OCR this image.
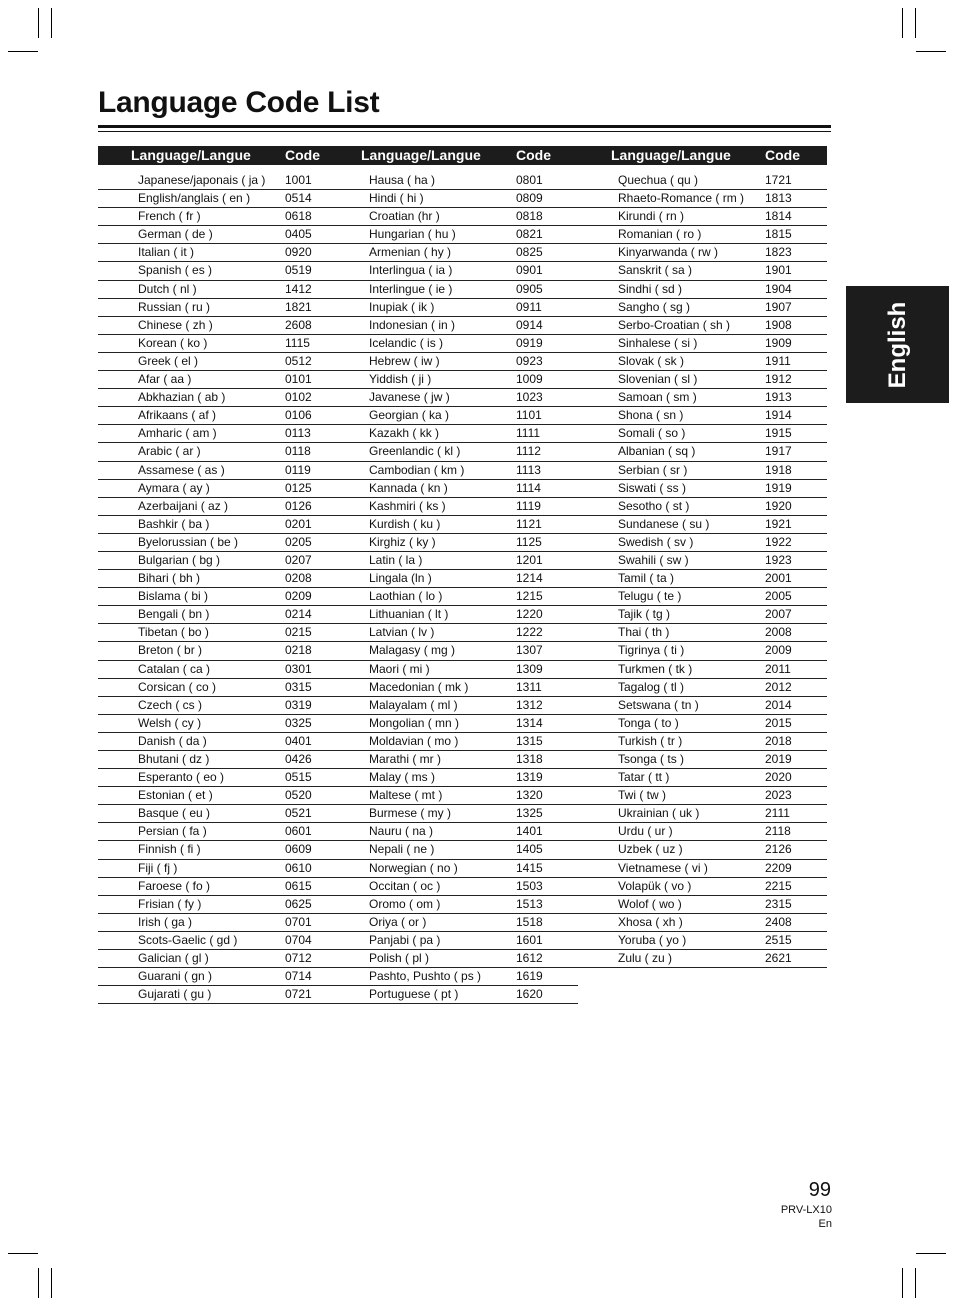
Language Code List
Language/Langue Code	Language/Langue	Code	Language/Langue Code
Japanese/japonais ( ja ) 1001
English/anglais ( en )	0514
French ( fr )	0618
German ( de )	0405
Italian ( it )	0920
Spanish ( es )	0519
Dutch ( nl )	1412
Russian ( ru )	1821
Chinese ( zh )	2608
Korean ( ko )	1115
Greek ( el )	0512
Afar ( aa )	0101
Abkhazian ( ab )	0102
Afrikaans ( af )	0106
Amharic ( am )	0113
Arabic ( ar )	0118
Assamese ( as )	0119
Aymara ( ay )	0125
Azerbaijani ( az )	0126
Bashkir ( ba )	0201
Byelorussian ( be )	0205
Bulgarian ( bg )	0207
Bihari ( bh )	0208
Bislama ( bi )	0209
Bengali ( bn )	0214
Tibetan ( bo )	0215
Breton ( br )	0218
Catalan ( ca )	0301
Corsican ( co )	0315
Czech ( cs )	0319
Welsh ( cy )	0325
Danish ( da )	0401
Bhutani ( dz )	0426
Esperanto ( eo )	0515
Estonian ( et )	0520
Basque ( eu )	0521
Persian ( fa )	0601
Finnish ( fi )	0609
Fiji ( fj )	0610
Faroese ( fo )	0615
Frisian ( fy )	0625
Irish ( ga )	0701
Scots-Gaelic ( gd )	0704
Galician ( gl )	0712
Guarani ( gn )	0714
Gujarati ( gu )	0721
Hausa ( ha )	0801
Hindi ( hi )	0809
Croatian (hr )	0818
Hungarian ( hu )	0821
Armenian ( hy )	0825
Interlingua ( ia )	0901
Interlingue ( ie )	0905
Inupiak ( ik )	0911
Indonesian ( in )	0914
Icelandic ( is )	0919
Hebrew ( iw )	0923
Yiddish ( ji )	1009
Javanese ( jw )	1023
Georgian ( ka )	1101
Kazakh ( kk )	1111
Greenlandic ( kl )	1112
Cambodian ( km )	1113
Kannada ( kn )	1114
Kashmiri ( ks )	1119
Kurdish ( ku )	1121
Kirghiz ( ky )	1125
Latin ( la )	1201
Lingala (ln )	1214
Laothian ( lo )	1215
Lithuanian ( lt )	1220
Latvian ( lv )	1222
Malagasy ( mg )	1307
Maori ( mi )	1309
Macedonian ( mk )	1311
Malayalam ( ml )	1312
Mongolian ( mn )	1314
Moldavian ( mo )	1315
Marathi ( mr )	1318
Malay ( ms )	1319
Maltese ( mt )	1320
Burmese ( my )	1325
Nauru ( na )	1401
Nepali ( ne )	1405
Norwegian ( no )	1415
Occitan ( oc )	1503
Oromo ( om )	1513
Oriya ( or )	1518
Panjabi ( pa )	1601
Polish ( pl )	1612
Pashto, Pushto ( ps )	1619
Portuguese ( pt )	1620
Quechua ( qu )	1721
Rhaeto-Romance ( rm ) 1813
Kirundi ( rn )	1814
Romanian ( ro )	1815
Kinyarwanda ( rw )	1823
Sanskrit ( sa )	1901
Sindhi ( sd )	1904
Sangho ( sg )	1907
Serbo-Croatian ( sh )	1908
Sinhalese ( si )	1909
Slovak ( sk )	1911
Slovenian ( sl )	1912
Samoan ( sm )	1913
Shona ( sn )	1914
Somali ( so )	1915
Albanian ( sq )	1917
Serbian ( sr )	1918
Siswati ( ss )	1919
Sesotho ( st )	1920
Sundanese ( su )	1921
Swedish ( sv )	1922
Swahili ( sw )	1923
Tamil ( ta )	2001
Telugu ( te )	2005
Tajik ( tg )	2007
Thai ( th )	2008
Tigrinya ( ti )	2009
Turkmen ( tk )	2011
Tagalog ( tl )	2012
Setswana ( tn )	2014
Tonga ( to )	2015
Turkish ( tr )	2018
Tsonga ( ts )	2019
Tatar ( tt )	2020
Twi ( tw )	2023
Ukrainian ( uk )	2111
Urdu ( ur )	2118
Uzbek ( uz )	2126
Vietnamese ( vi )	2209
Volapük ( vo )	2215
Wolof ( wo )	2315
Xhosa ( xh )	2408
Yoruba ( yo )	2515
Zulu ( zu )	2621
English
99
PRV-LX10
En
